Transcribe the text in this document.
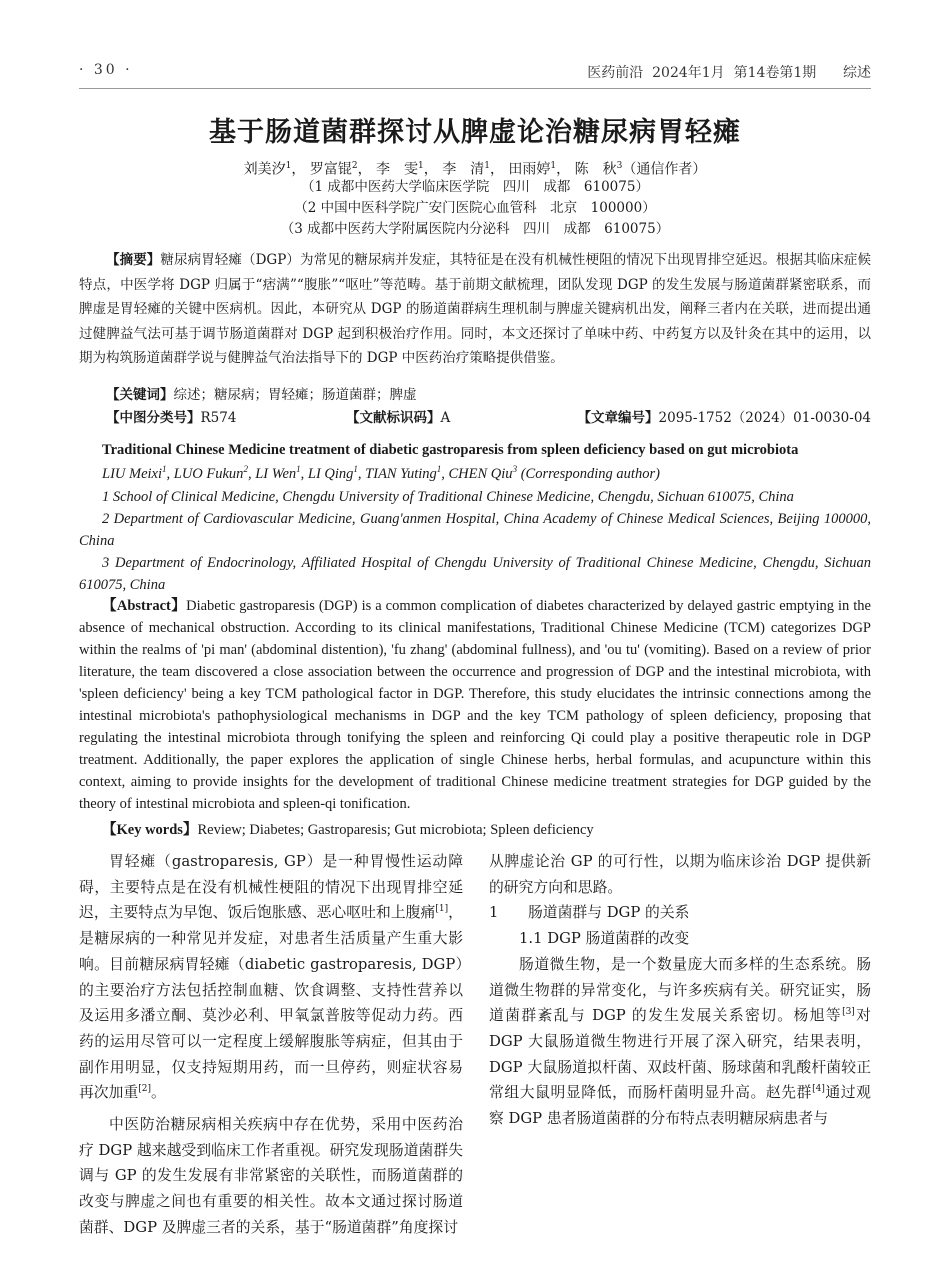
· 30 ·	医药前沿  2024年1月  第14卷第1期      综述
基于肠道菌群探讨从脾虚论治糖尿病胃轻瘫
刘美汐$^1$， 罗富锟$^2$， 李　雯$^1$， 李　清$^1$， 田雨婷$^1$， 陈　秋$^3$（通信作者）
（1 成都中医药大学临床医学院　四川　成都　610075）
（2 中国中医科学院广安门医院心血管科　北京　100000）
（3 成都中医药大学附属医院内分泌科　四川　成都　610075）
【摘要】糖尿病胃轻瘫（DGP）为常见的糖尿病并发症，其特征是在没有机械性梗阻的情况下出现胃排空延迟。根据其临床症候特点，中医学将 DGP 归属于“痞满”“腹胀”“呕吐”等范畴。基于前期文献梳理，团队发现 DGP 的发生发展与肠道菌群紧密联系，而脾虚是胃轻瘫的关键中医病机。因此，本研究从 DGP 的肠道菌群病生理机制与脾虚关键病机出发，阐释三者内在关联，进而提出通过健脾益气法可基于调节肠道菌群对 DGP 起到积极治疗作用。同时，本文还探讨了单味中药、中药复方以及针灸在其中的运用，以期为构筑肠道菌群学说与健脾益气治法指导下的 DGP 中医药治疗策略提供借鉴。
【关键词】综述；糖尿病；胃轻瘫；肠道菌群；脾虚
【中图分类号】R574	【文献标识码】A	【文章编号】2095-1752（2024）01-0030-04
Traditional Chinese Medicine treatment of diabetic gastroparesis from spleen deficiency based on gut microbiota
LIU Meixi$^1$, LUO Fukun$^2$, LI Wen$^1$, LI Qing$^1$, TIAN Yuting$^1$, CHEN Qiu$^3$ (Corresponding author)
1 School of Clinical Medicine, Chengdu University of Traditional Chinese Medicine, Chengdu, Sichuan 610075, China
2 Department of Cardiovascular Medicine, Guang'anmen Hospital, China Academy of Chinese Medical Sciences, Beijing 100000, China
3 Department of Endocrinology, Affiliated Hospital of Chengdu University of Traditional Chinese Medicine, Chengdu, Sichuan 610075, China
【Abstract】Diabetic gastroparesis (DGP) is a common complication of diabetes characterized by delayed gastric emptying in the absence of mechanical obstruction. According to its clinical manifestations, Traditional Chinese Medicine (TCM) categorizes DGP within the realms of 'pi man' (abdominal distention), 'fu zhang' (abdominal fullness), and 'ou tu' (vomiting). Based on a review of prior literature, the team discovered a close association between the occurrence and progression of DGP and the intestinal microbiota, with 'spleen deficiency' being a key TCM pathological factor in DGP. Therefore, this study elucidates the intrinsic connections among the intestinal microbiota's pathophysiological mechanisms in DGP and the key TCM pathology of spleen deficiency, proposing that regulating the intestinal microbiota through tonifying the spleen and reinforcing Qi could play a positive therapeutic role in DGP treatment. Additionally, the paper explores the application of single Chinese herbs, herbal formulas, and acupuncture within this context, aiming to provide insights for the development of traditional Chinese medicine treatment strategies for DGP guided by the theory of intestinal microbiota and spleen-qi tonification.
【Key words】Review; Diabetes; Gastroparesis; Gut microbiota; Spleen deficiency

胃轻瘫（gastroparesis, GP）是一种胃慢性运动障碍，主要特点是在没有机械性梗阻的情况下出现胃排空延迟，主要特点为早饱、饭后饱胀感、恶心呕吐和上腹痛[1]，是糖尿病的一种常见并发症，对患者生活质量产生重大影响。目前糖尿病胃轻瘫（diabetic gastroparesis, DGP）的主要治疗方法包括控制血糖、饮食调整、支持性营养以及运用多潘立酮、莫沙必利、甲氧氯普胺等促动力药。西药的运用尽管可以一定程度上缓解腹胀等病症，但其由于副作用明显，仅支持短期用药，而一旦停药，则症状容易再次加重[2]。

中医防治糖尿病相关疾病中存在优势，采用中医药治疗 DGP 越来越受到临床工作者重视。研究发现肠道菌群失调与 GP 的发生发展有非常紧密的关联性，而肠道菌群的改变与脾虚之间也有重要的相关性。故本文通过探讨肠道菌群、DGP 及脾虚三者的关系，基于“肠道菌群”角度探讨

从脾虚论治 GP 的可行性，以期为临床诊治 DGP 提供新的研究方向和思路。

1　　肠道菌群与 DGP 的关系

1.1 DGP 肠道菌群的改变

肠道微生物，是一个数量庞大而多样的生态系统。肠道微生物群的异常变化，与许多疾病有关。研究证实，肠道菌群紊乱与 DGP 的发生发展关系密切。杨旭等[3]对 DGP 大鼠肠道微生物进行开展了深入研究，结果表明，DGP 大鼠肠道拟杆菌、双歧杆菌、肠球菌和乳酸杆菌较正常组大鼠明显降低，而肠杆菌明显升高。赵先群[4]通过观察 DGP 患者肠道菌群的分布特点表明糖尿病患者与
